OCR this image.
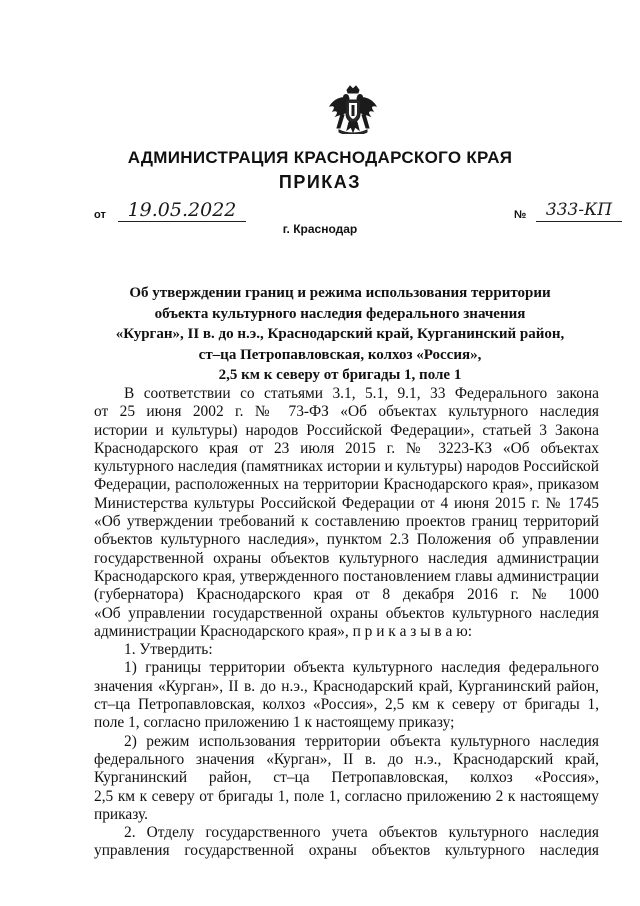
АДМИНИСТРАЦИЯ КРАСНОДАРСКОГО КРАЯ
ПРИКАЗ
от	19.05.2022	№	333-КП
г. Краснодар
Об утверждении границ и режима использования территории
объекта культурного наследия федерального значения
«Курган», II в. до н.э., Краснодарский край, Курганинский район,
ст–ца Петропавловская, колхоз «Россия»,
2,5 км к северу от бригады 1, поле 1
В соответствии со статьями 3.1, 5.1, 9.1, 33 Федерального закона
от 25 июня 2002 г. № 73-ФЗ «Об объектах культурного наследия
истории и культуры) народов Российской Федерации», статьей 3 Закона
Краснодарского края от 23 июля 2015 г. № 3223-КЗ «Об объектах
культурного наследия (памятниках истории и культуры) народов Российской
Федерации, расположенных на территории Краснодарского края», приказом
Министерства культуры Российской Федерации от 4 июня 2015 г. № 1745
«Об утверждении требований к составлению проектов границ территорий
объектов культурного наследия», пунктом 2.3 Положения об управлении
государственной охраны объектов культурного наследия администрации
Краснодарского края, утвержденного постановлением главы администрации
(губернатора) Краснодарского края от 8 декабря 2016 г. № 1000
«Об управлении государственной охраны объектов культурного наследия
администрации Краснодарского края», п р и к а з ы в а ю:
1. Утвердить:
1) границы территории объекта культурного наследия федерального
значения «Курган», II в. до н.э., Краснодарский край, Курганинский район,
ст–ца Петропавловская, колхоз «Россия», 2,5 км к северу от бригады 1,
поле 1, согласно приложению 1 к настоящему приказу;
2) режим использования территории объекта культурного наследия
федерального значения «Курган», II в. до н.э., Краснодарский край,
Курганинский район, ст–ца Петропавловская, колхоз «Россия»,
2,5 км к северу от бригады 1, поле 1, согласно приложению 2 к настоящему
приказу.
2. Отделу государственного учета объектов культурного наследия
управления государственной охраны объектов культурного наследия
